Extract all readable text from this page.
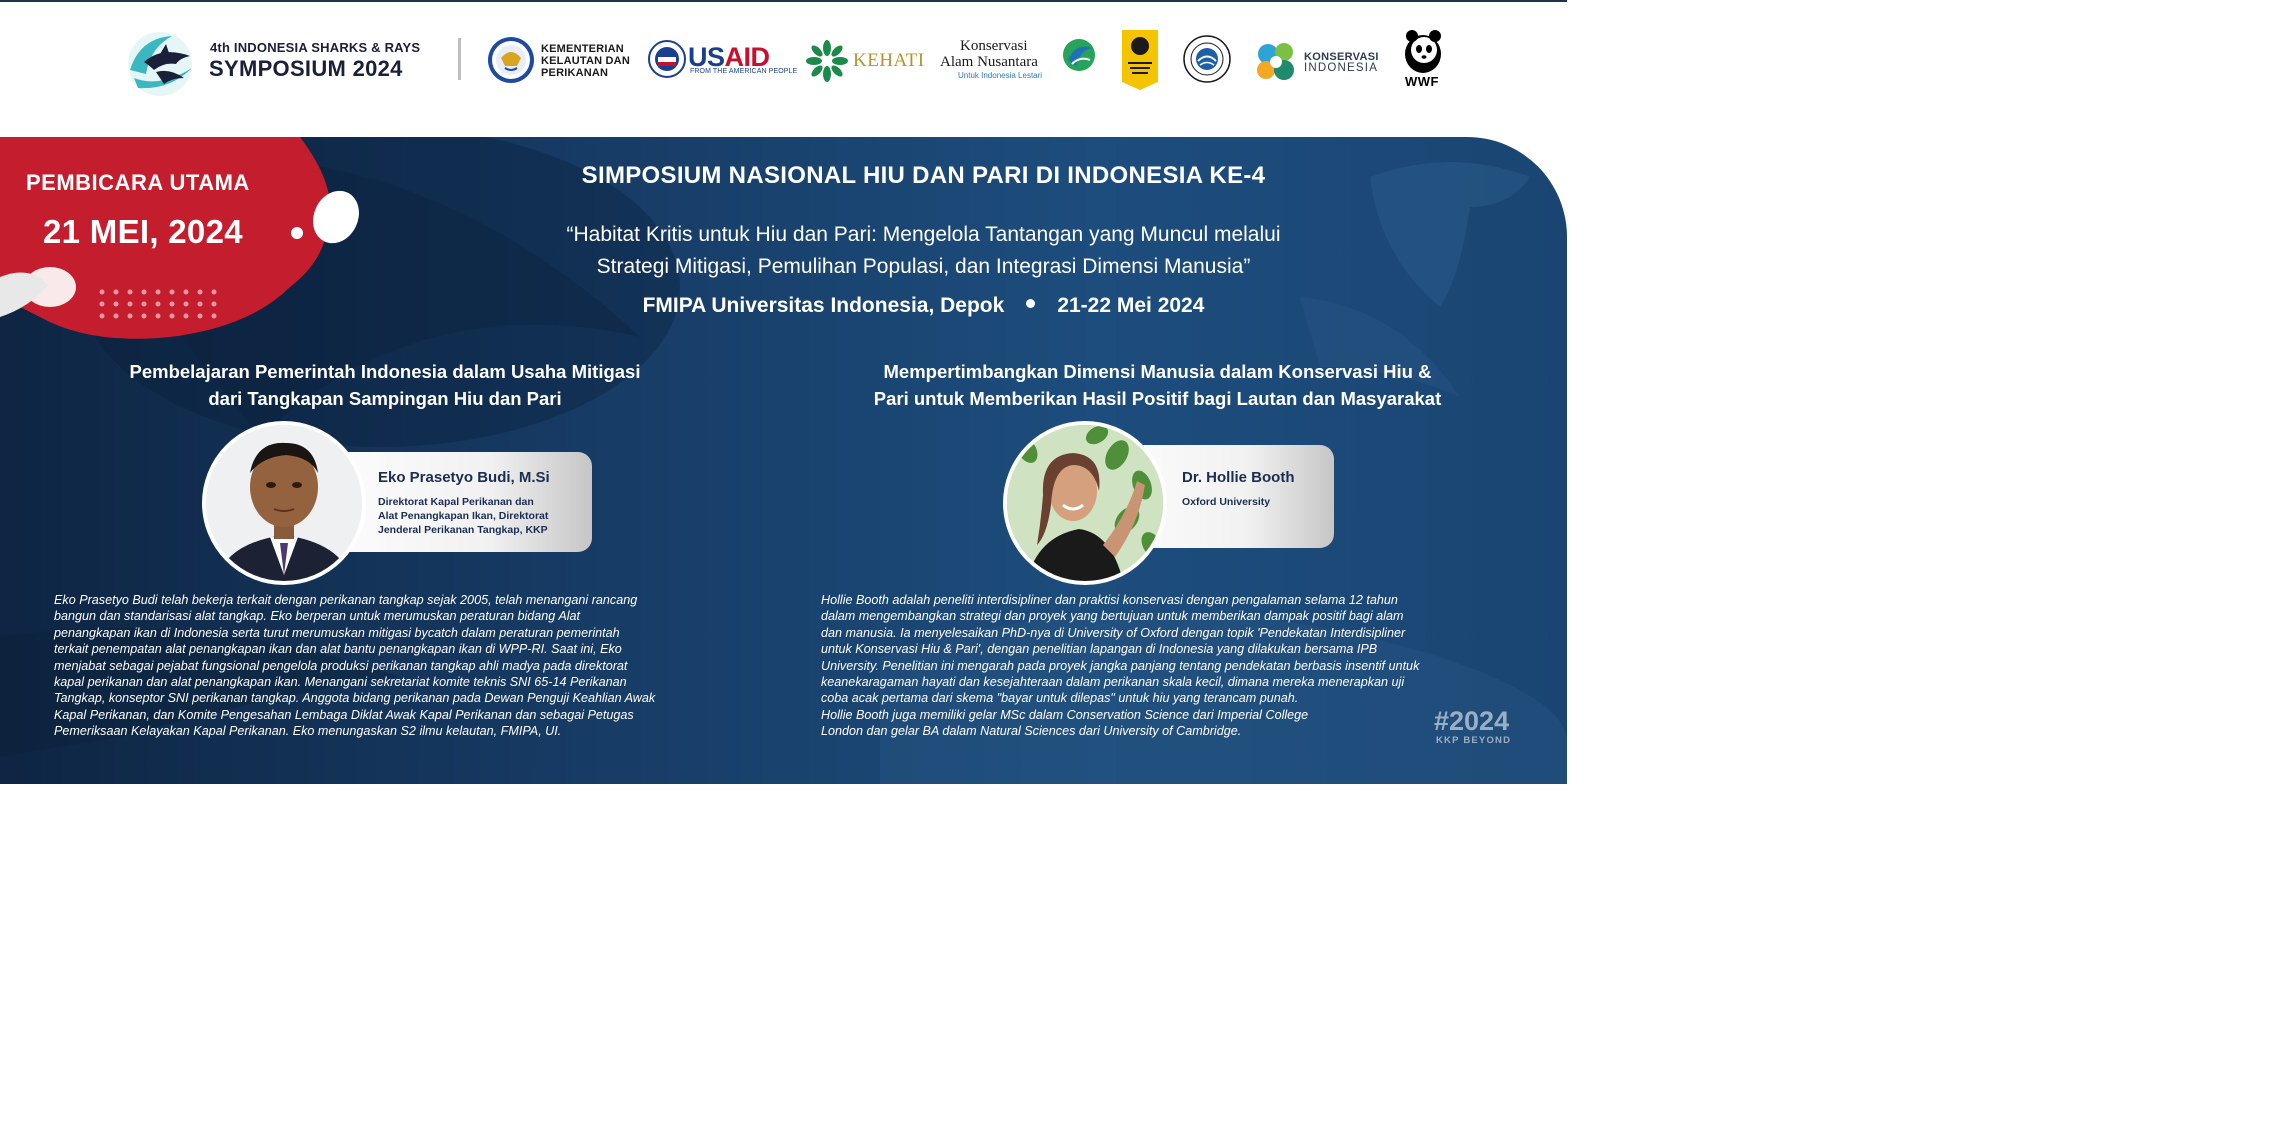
4th INDONESIA SHARKS & RAYS
SYMPOSIUM 2024
KEMENTERIAN
KELAUTAN DAN
PERIKANAN
USAID
FROM THE AMERICAN PEOPLE
KEHATI
Konservasi
Alam Nusantara
Untuk Indonesia Lestari
KONSERVASI
INDONESIA
WWF
PEMBICARA UTAMA
21 MEI, 2024
SIMPOSIUM NASIONAL HIU DAN PARI DI INDONESIA KE-4
“Habitat Kritis untuk Hiu dan Pari: Mengelola Tantangan yang Muncul melalui
Strategi Mitigasi, Pemulihan Populasi, dan Integrasi Dimensi Manusia”
FMIPA Universitas Indonesia, Depok	21-22 Mei 2024
Pembelajaran Pemerintah Indonesia dalam Usaha Mitigasi
dari Tangkapan Sampingan Hiu dan Pari
Mempertimbangkan Dimensi Manusia dalam Konservasi Hiu &
Pari untuk Memberikan Hasil Positif bagi Lautan dan Masyarakat
Eko Prasetyo Budi, M.Si
Direktorat Kapal Perikanan dan
Alat Penangkapan Ikan, Direktorat
Jenderal Perikanan Tangkap, KKP
Dr. Hollie Booth
Oxford University
Eko Prasetyo Budi telah bekerja terkait dengan perikanan tangkap sejak 2005, telah menangani rancang
bangun dan standarisasi alat tangkap. Eko berperan untuk merumuskan peraturan bidang Alat
penangkapan ikan di Indonesia serta turut merumuskan mitigasi bycatch dalam peraturan pemerintah
terkait penempatan alat penangkapan ikan dan alat bantu penangkapan ikan di WPP-RI. Saat ini, Eko
menjabat sebagai pejabat fungsional pengelola produksi perikanan tangkap ahli madya pada direktorat
kapal perikanan dan alat penangkapan ikan. Menangani sekretariat komite teknis SNI 65-14 Perikanan
Tangkap, konseptor SNI perikanan tangkap. Anggota bidang perikanan pada Dewan Penguji Keahlian Awak
Kapal Perikanan, dan Komite Pengesahan Lembaga Diklat Awak Kapal Perikanan dan sebagai Petugas
Pemeriksaan Kelayakan Kapal Perikanan. Eko menungaskan S2 ilmu kelautan, FMIPA, UI.
Hollie Booth adalah peneliti interdisipliner dan praktisi konservasi dengan pengalaman selama 12 tahun
dalam mengembangkan strategi dan proyek yang bertujuan untuk memberikan dampak positif bagi alam
dan manusia. Ia menyelesaikan PhD-nya di University of Oxford dengan topik 'Pendekatan Interdisipliner
untuk Konservasi Hiu & Pari', dengan penelitian lapangan di Indonesia yang dilakukan bersama IPB
University. Penelitian ini mengarah pada proyek jangka panjang tentang pendekatan berbasis insentif untuk
keanekaragaman hayati dan kesejahteraan dalam perikanan skala kecil, dimana mereka menerapkan uji
coba acak pertama dari skema "bayar untuk dilepas" untuk hiu yang terancam punah.
Hollie Booth juga memiliki gelar MSc dalam Conservation Science dari Imperial College
London dan gelar BA dalam Natural Sciences dari University of Cambridge.	#2024
KKP BEYOND
